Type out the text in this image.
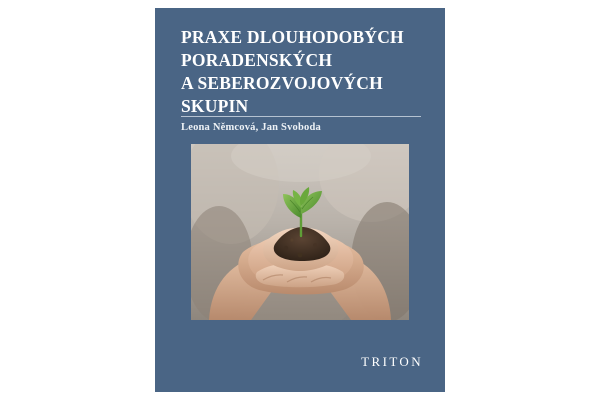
PRAXE DLOUHODOBÝCH
PORADENSKÝCH
A SEBEROZVOJOVÝCH
SKUPIN
Leona Němcová, Jan Svoboda
TRITON
